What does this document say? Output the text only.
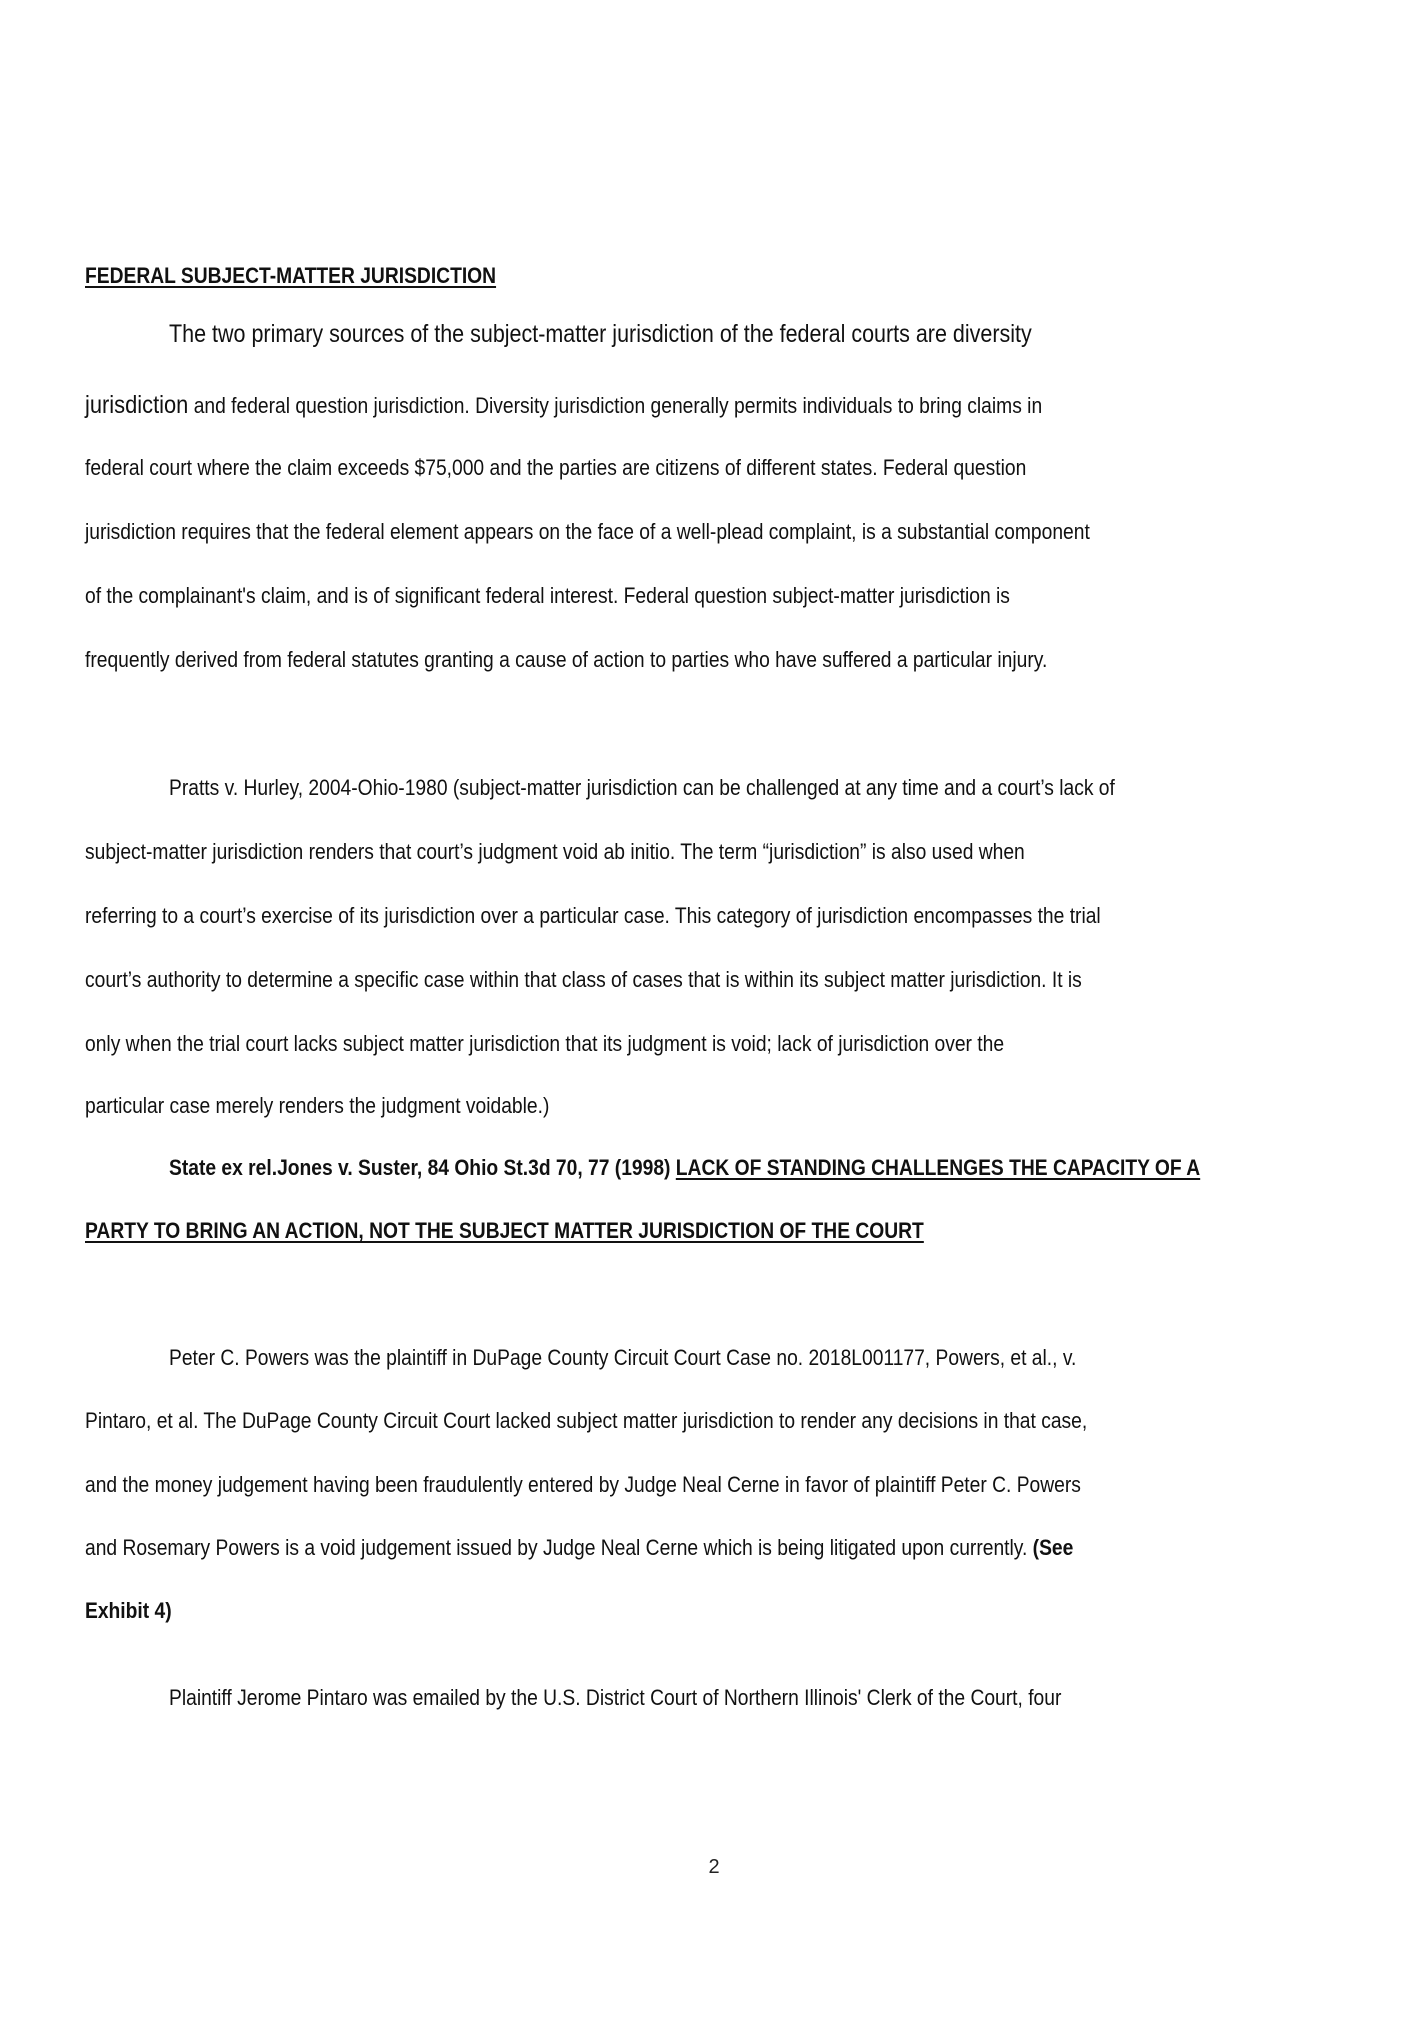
FEDERAL SUBJECT-MATTER JURISDICTION
The two primary sources of the subject-matter jurisdiction of the federal courts are diversity
jurisdiction and federal question jurisdiction. Diversity jurisdiction generally permits individuals to bring claims in
federal court where the claim exceeds $75,000 and the parties are citizens of different states. Federal question
jurisdiction requires that the federal element appears on the face of a well-plead complaint, is a substantial component
of the complainant's claim, and is of significant federal interest. Federal question subject-matter jurisdiction is
frequently derived from federal statutes granting a cause of action to parties who have suffered a particular injury.
Pratts v. Hurley, 2004-Ohio-1980 (subject-matter jurisdiction can be challenged at any time and a court’s lack of
subject-matter jurisdiction renders that court’s judgment void ab initio. The term “jurisdiction” is also used when
referring to a court’s exercise of its jurisdiction over a particular case. This category of jurisdiction encompasses the trial
court’s authority to determine a specific case within that class of cases that is within its subject matter jurisdiction. It is
only when the trial court lacks subject matter jurisdiction that its judgment is void; lack of jurisdiction over the
particular case merely renders the judgment voidable.)
State ex rel.Jones v. Suster, 84 Ohio St.3d 70, 77 (1998) LACK OF STANDING CHALLENGES THE CAPACITY OF A
PARTY TO BRING AN ACTION, NOT THE SUBJECT MATTER JURISDICTION OF THE COURT
Peter C. Powers was the plaintiff in DuPage County Circuit Court Case no. 2018L001177, Powers, et al., v.
Pintaro, et al. The DuPage County Circuit Court lacked subject matter jurisdiction to render any decisions in that case,
and the money judgement having been fraudulently entered by Judge Neal Cerne in favor of plaintiff Peter C. Powers
and Rosemary Powers is a void judgement issued by Judge Neal Cerne which is being litigated upon currently. (See
Exhibit 4)
Plaintiff Jerome Pintaro was emailed by the U.S. District Court of Northern Illinois' Clerk of the Court, four
2
